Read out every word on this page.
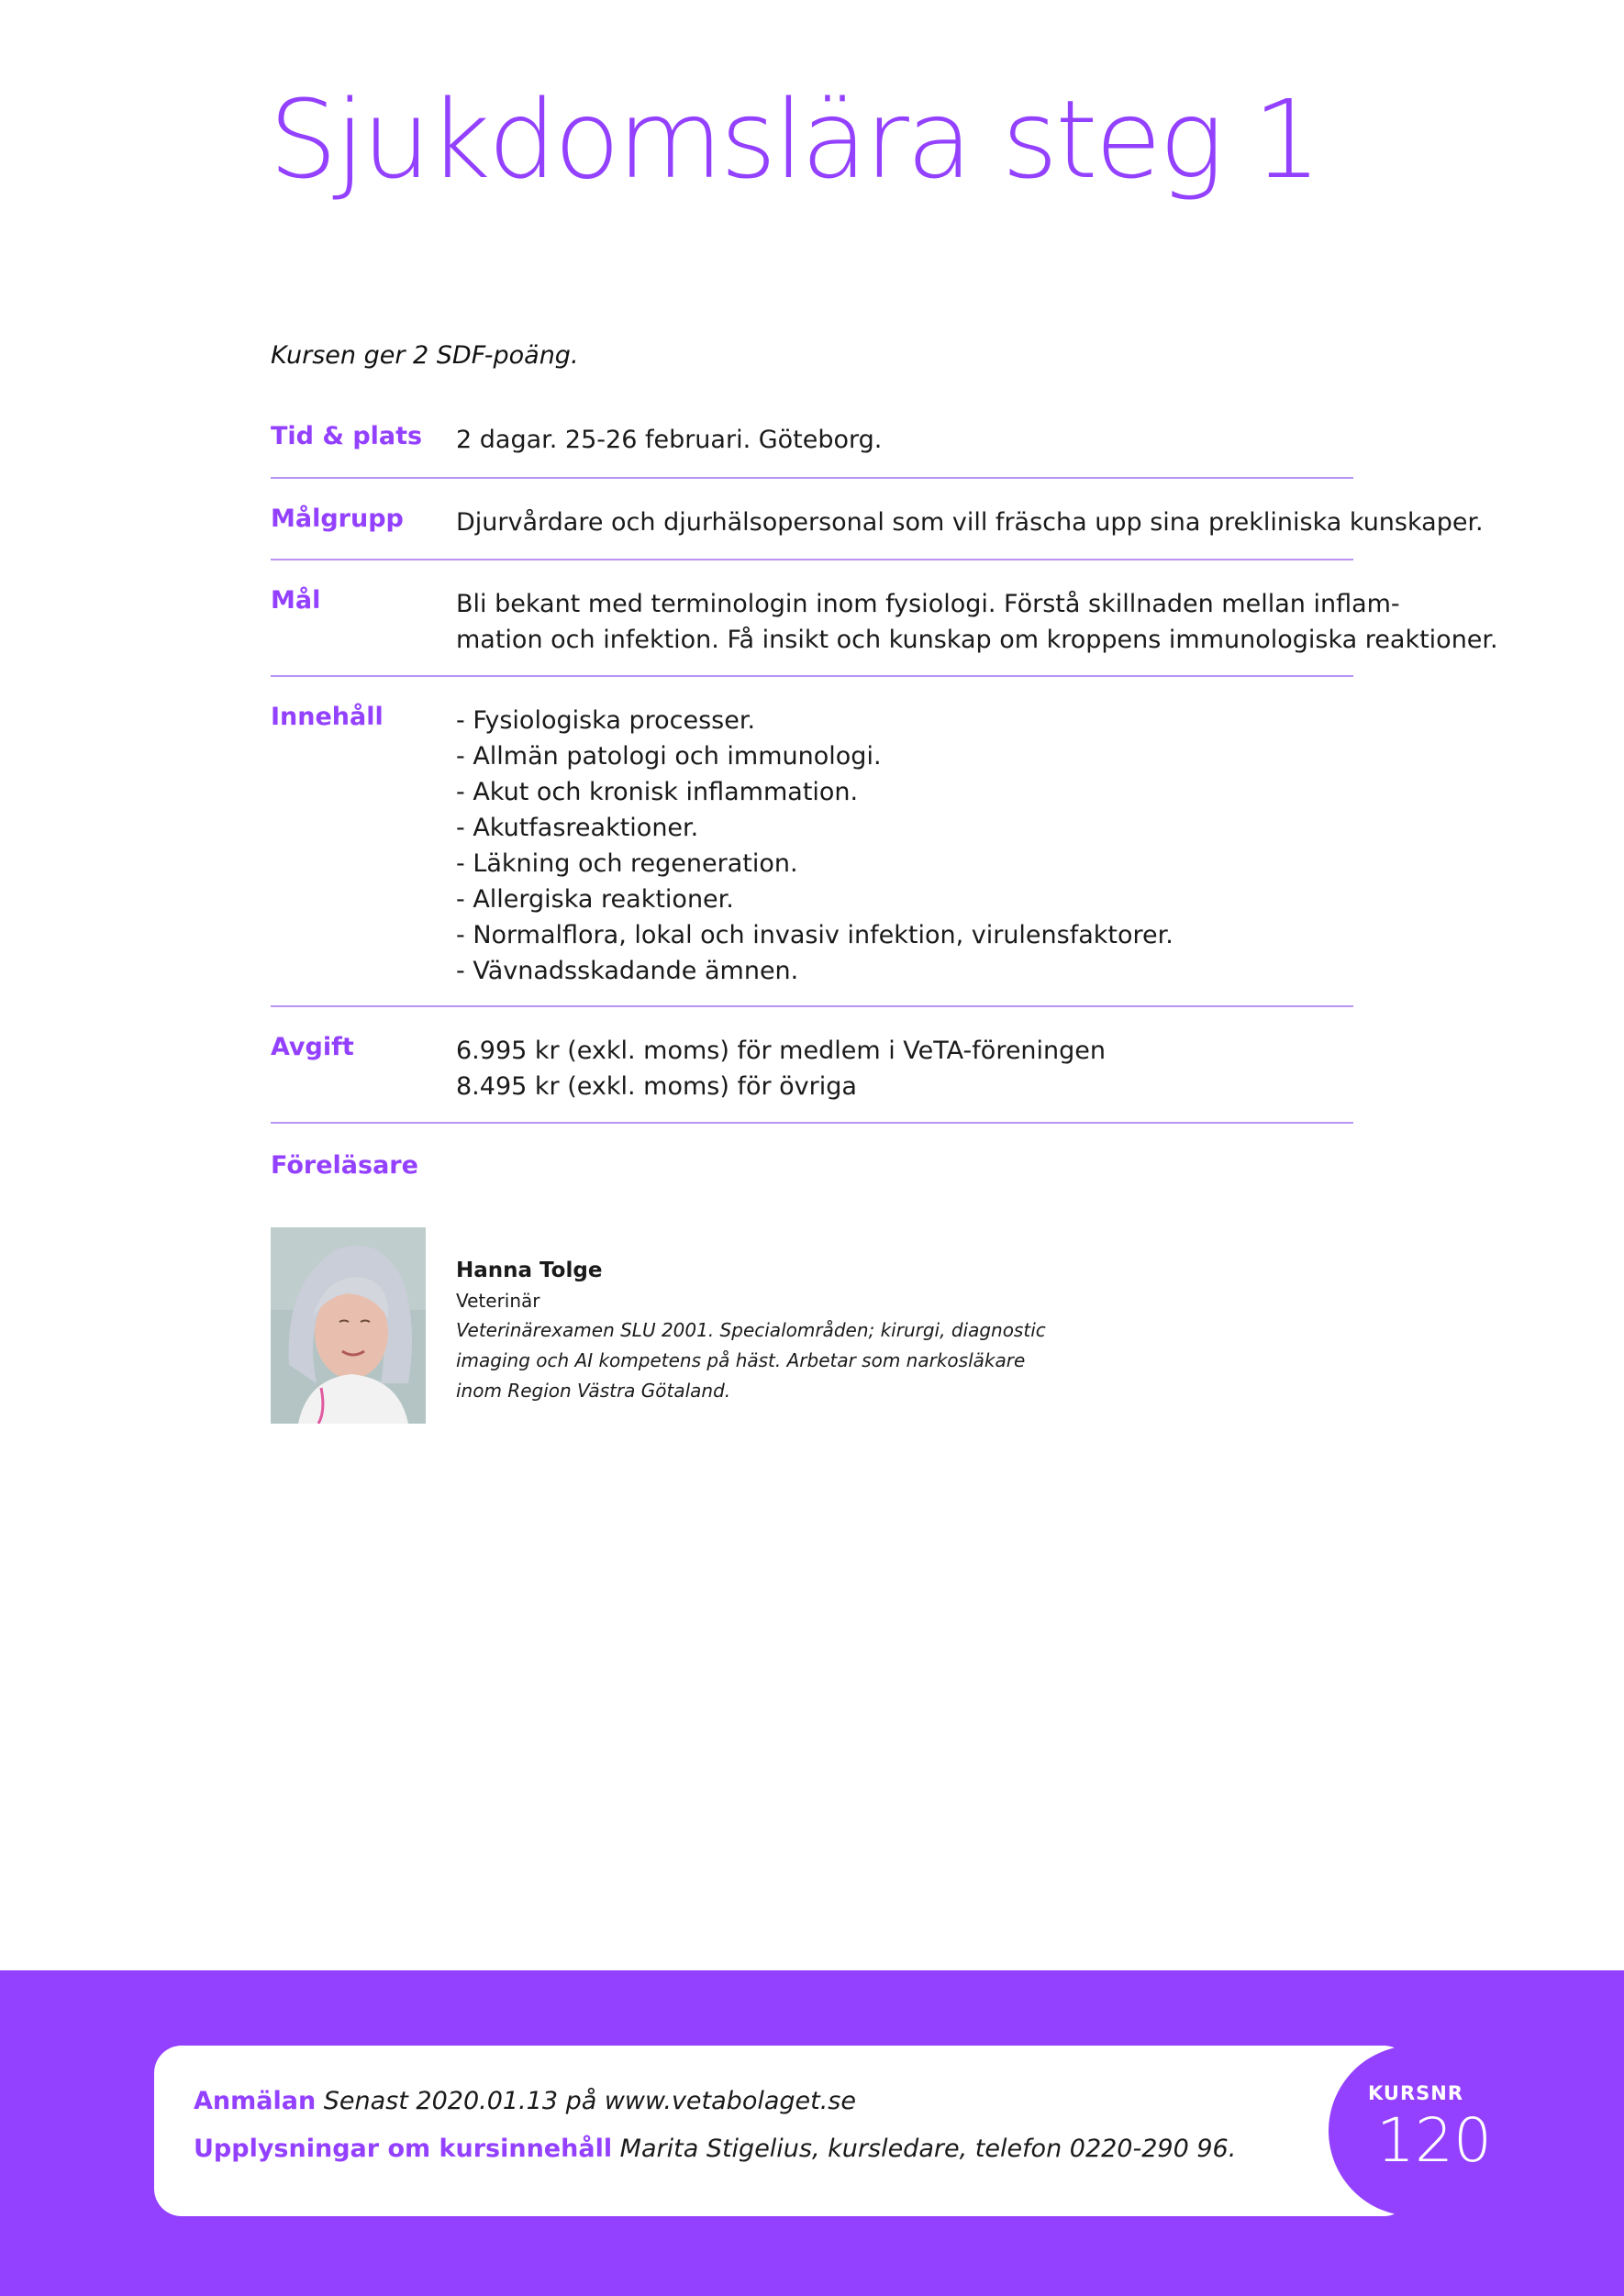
Sjukdomslära steg 1
Kursen ger 2 SDF-poäng.
Tid & plats 2 dagar. 25-26 februari. Göteborg.
Målgrupp Djurvårdare och djurhälsopersonal som vill fräscha upp sina prekliniska kunskaper.
Mål	Bli bekant med terminologin inom fysiologi. Förstå skillnaden mellan inflam-
mation och infektion. Få insikt och kunskap om kroppens immunologiska reaktioner.
Innehåll	- Fysiologiska processer.
- Allmän patologi och immunologi.
- Akut och kronisk inflammation.
- Akutfasreaktioner.
- Läkning och regeneration.
- Allergiska reaktioner.
- Normalflora, lokal och invasiv infektion, virulensfaktorer.
- Vävnadsskadande ämnen.
Avgift	6.995 kr (exkl. moms) för medlem i VeTA-föreningen
8.495 kr (exkl. moms) för övriga
Föreläsare
Hanna Tolge
Veterinär
Veterinärexamen SLU 2001. Specialområden; kirurgi, diagnostic
imaging och AI kompetens på häst. Arbetar som narkosläkare
inom Region Västra Götaland.
Anmälan Senast 2020.01.13 på www.vetabolaget.se
Upplysningar om kursinnehåll Marita Stigelius, kursledare, telefon 0220-290 96.
KURSNR
120
